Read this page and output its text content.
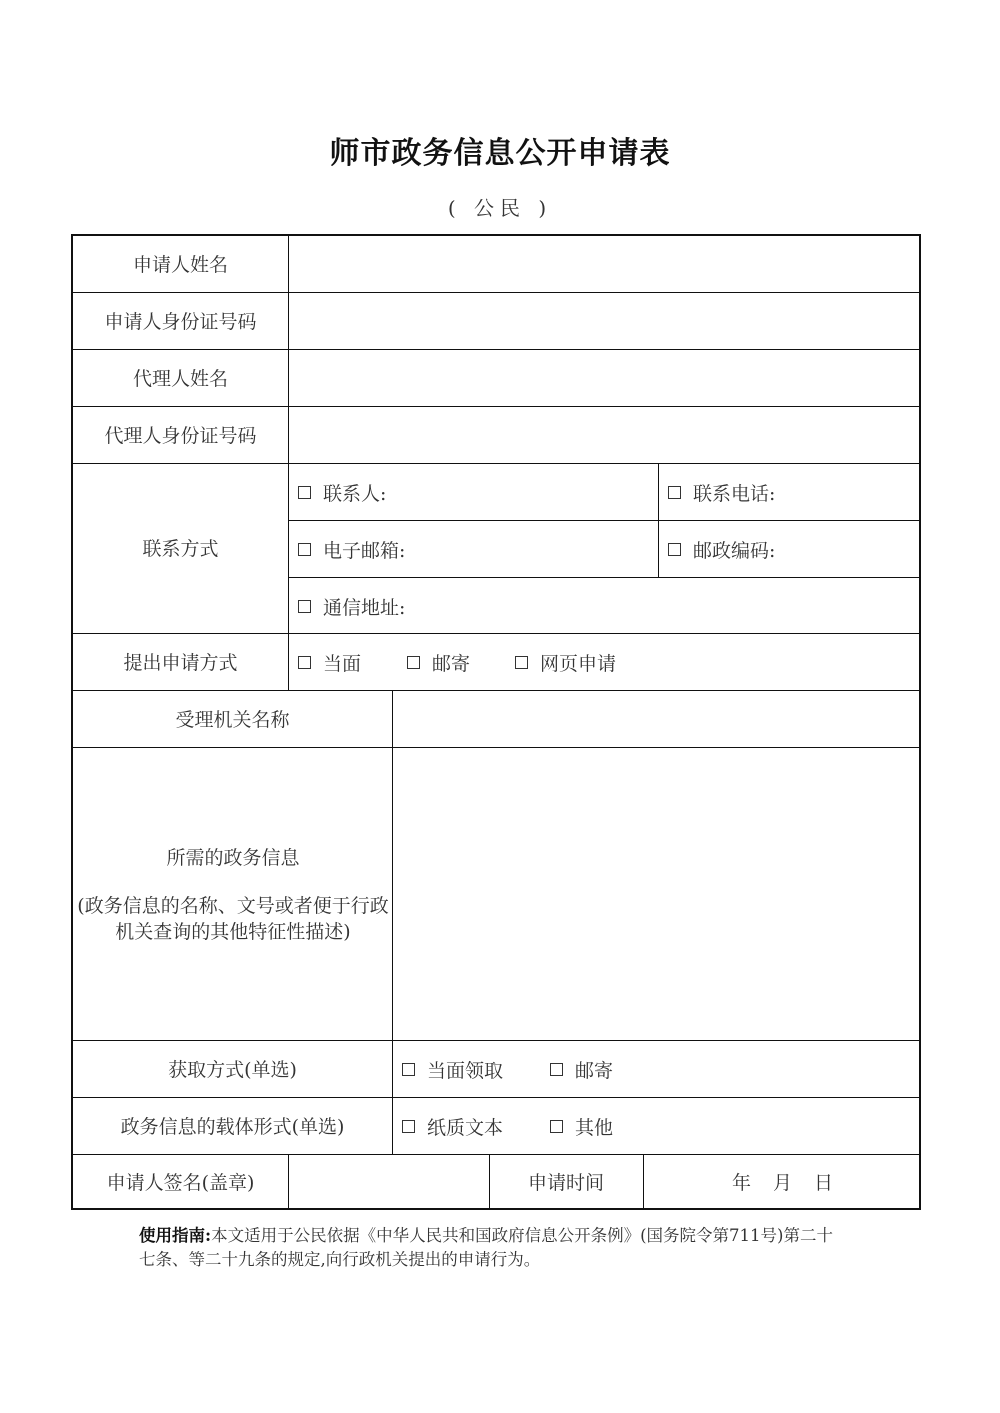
师市政务信息公开申请表
( 公民 )
申请人姓名
申请人身份证号码
代理人姓名
代理人身份证号码
联系方式
联系人:	联系电话:
电子邮箱:	邮政编码:
通信地址:
提出申请方式	当面	邮寄	网页申请
受理机关名称
所需的政务信息
(政务信息的名称、文号或者便于行政机关查询的其他特征性描述)
获取方式(单选)	当面领取	邮寄
政务信息的载体形式(单选)	纸质文本	其他
申请人签名(盖章)	申请时间	年 月 日
使用指南:本文适用于公民依据《中华人民共和国政府信息公开条例》(国务院令第711号)第二十七条、等二十九条的规定,向行政机关提出的申请行为。
